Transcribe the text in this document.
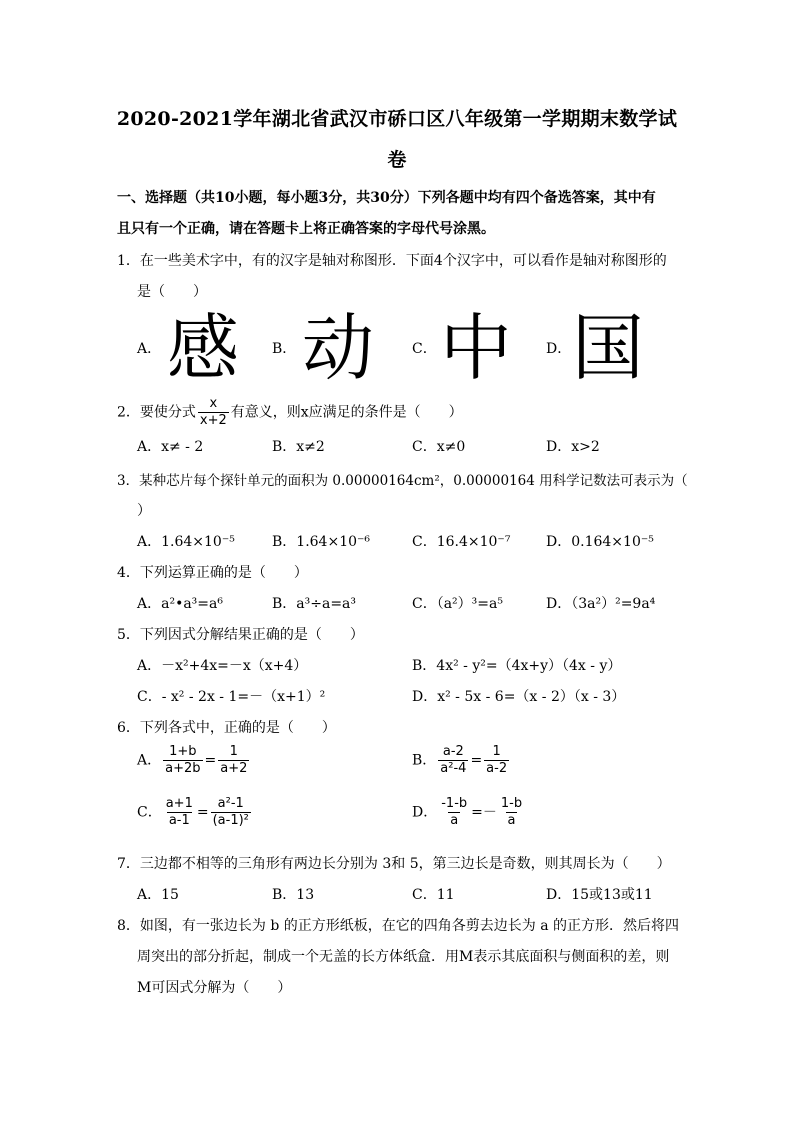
2020-2021学年湖北省武汉市硚口区八年级第一学期期末数学试
卷
一、选择题（共10小题，每小题3分，共30分）下列各题中均有四个备选答案，其中有
且只有一个正确，请在答题卡上将正确答案的字母代号涂黑。
1．在一些美术字中，有的汉字是轴对称图形．下面4个汉字中，可以看作是轴对称图形的
是（　　）
A． 感 B． 动	C． 中 D． 国
2．要使分式 $\frac{x}{x+2}$ 有意义，则x应满足的条件是（　　）
A．x≠ - 2	B．x≠2	C．x≠0	D．x>2
3．某种芯片每个探针单元的面积为 0.00000164cm²，0.00000164 用科学记数法可表示为（
）
A．1.64×10⁻⁵	B．1.64×10⁻⁶	C．16.4×10⁻⁷	D．0.164×10⁻⁵
4．下列运算正确的是（　　）
A．a²•a³=a⁶	B．a³÷a=a³	C．（a²）³=a⁵	D．（3a²）²=9a⁴
5．下列因式分解结果正确的是（　　）
A．－x²+4x=－x（x+4）	B．4x² - y²=（4x+y）（4x - y）
C．- x² - 2x - 1=－（x+1）²	D．x² - 5x - 6=（x - 2）（x - 3）
6．下列各式中，正确的是（　　）
A． $\frac{1+b}{a+2b} = \frac{1}{a+2}$	B． $\frac{a-2}{\text{a²-4}} = \frac{1}{a-2}$
C． $\frac{a+1}{a-1} = \frac{\text{a²-1}}{\text{(a-1)²}}$	D． $\frac{-1-b}{a} =- \frac{1-b}{a}$
7．三边都不相等的三角形有两边长分别为 3和 5，第三边长是奇数，则其周长为（　　）
A．15	B．13	C．11	D．15或13或11
8．如图，有一张边长为 b 的正方形纸板，在它的四角各剪去边长为 a 的正方形．然后将四
周突出的部分折起，制成一个无盖的长方体纸盒．用M表示其底面积与侧面积的差，则
M可因式分解为（　　）
